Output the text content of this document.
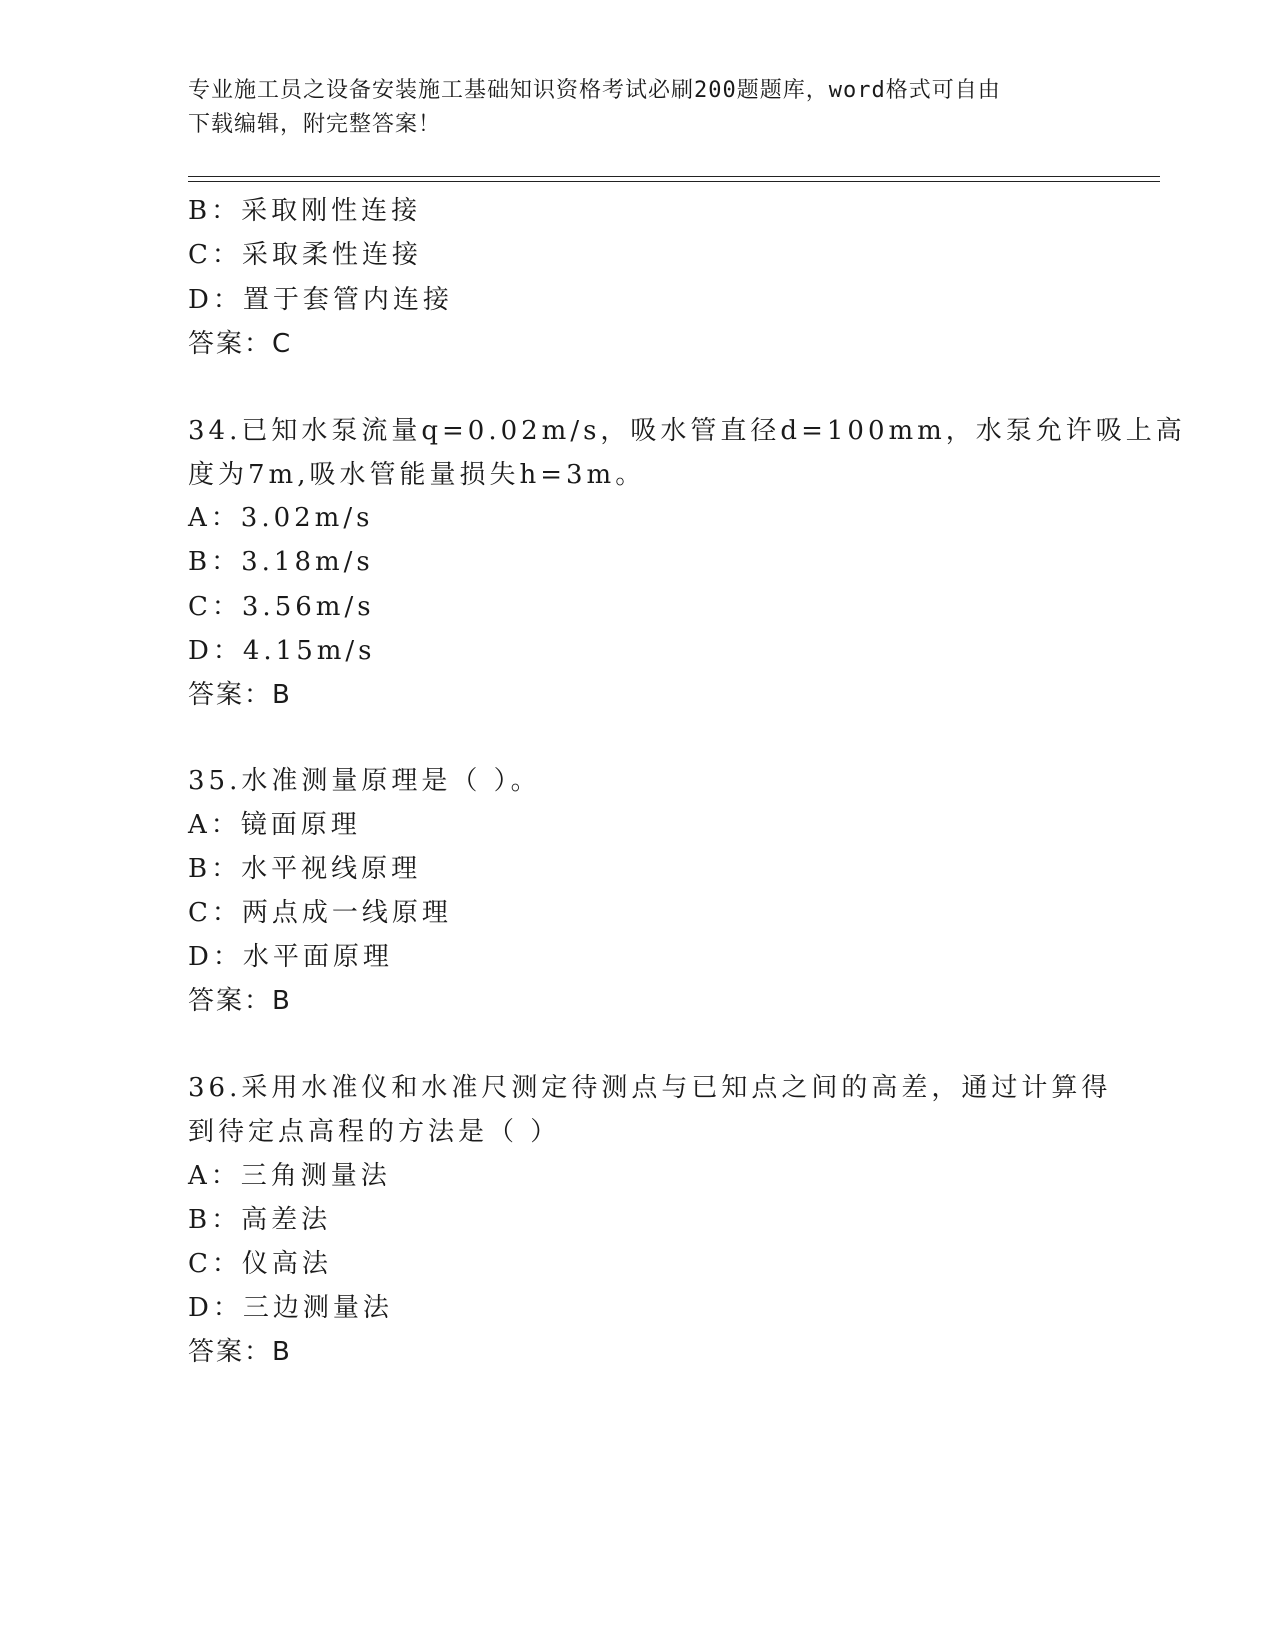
专业施工员之设备安装施工基础知识资格考试必刷200题题库，word格式可自由
下载编辑，附完整答案！
B：采取刚性连接
C：采取柔性连接
D：置于套管内连接
答案：C
34.已知水泵流量q=0.02m/s，吸水管直径d=100mm，水泵允许吸上高
度为7m,吸水管能量损失h=3m。
A：3.02m/s
B：3.18m/s
C：3.56m/s
D：4.15m/s
答案：B
35.水准测量原理是（ ）。
A：镜面原理
B：水平视线原理
C：两点成一线原理
D：水平面原理
答案：B
36.采用水准仪和水准尺测定待测点与已知点之间的高差，通过计算得
到待定点高程的方法是（ ）
A：三角测量法
B：高差法
C：仪高法
D：三边测量法
答案：B
